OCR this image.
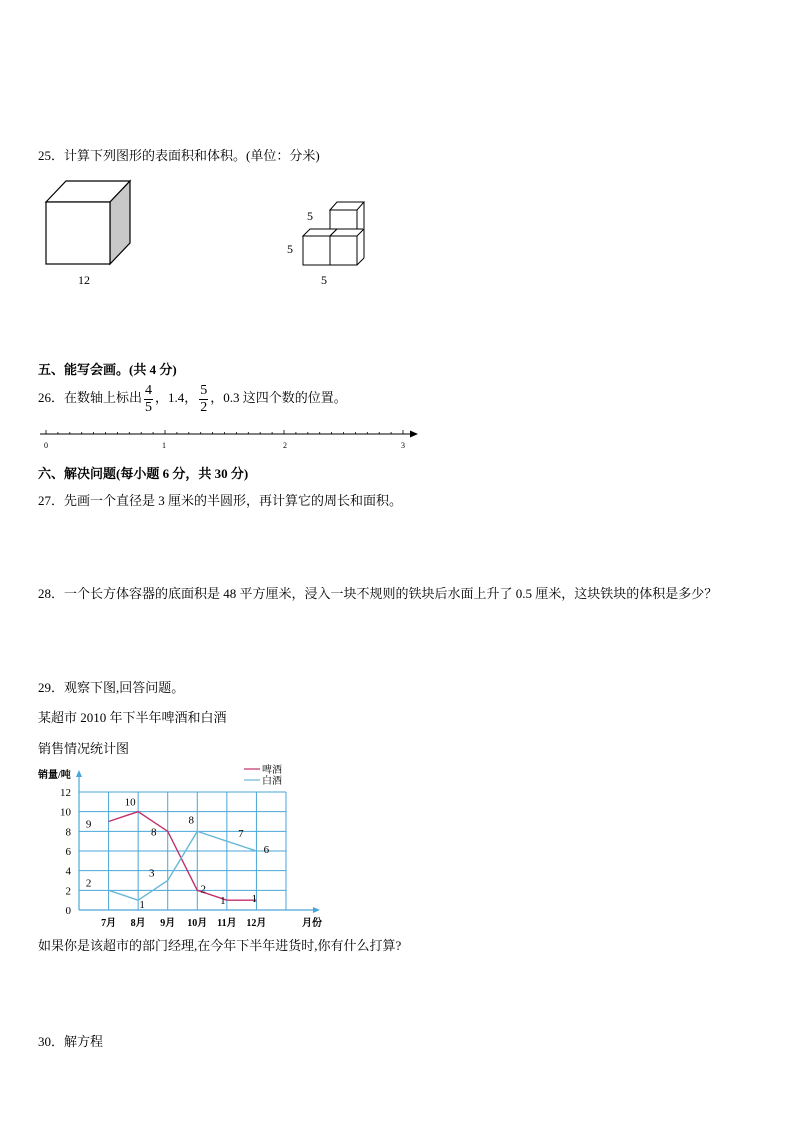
25．计算下列图形的表面积和体积。(单位：分米)
12
5
5
5
五、能写会画。(共 4 分)
26．在数轴上标出 $\frac{4}{5}$ ，1.4， $\frac{5}{2}$ ，0.3 这四个数的位置。
0	1	2	3
六、解决问题(每小题 6 分，共 30 分)
27．先画一个直径是 3 厘米的半圆形，再计算它的周长和面积。
28．一个长方体容器的底面积是 48 平方厘米，浸入一块不规则的铁块后水面上升了 0.5 厘米，这块铁块的体积是多少？
29．观察下图,回答问题。
某超市 2010 年下半年啤酒和白酒
销售情况统计图
0
2
4
6
8
10
12
销量/吨
月份
7月 8月 9月 10月 11月 12月
9
10
8
2
1 1
2
1
3
8
7
6
啤酒
白酒
如果你是该超市的部门经理,在今年下半年进货时,你有什么打算?
30．解方程
